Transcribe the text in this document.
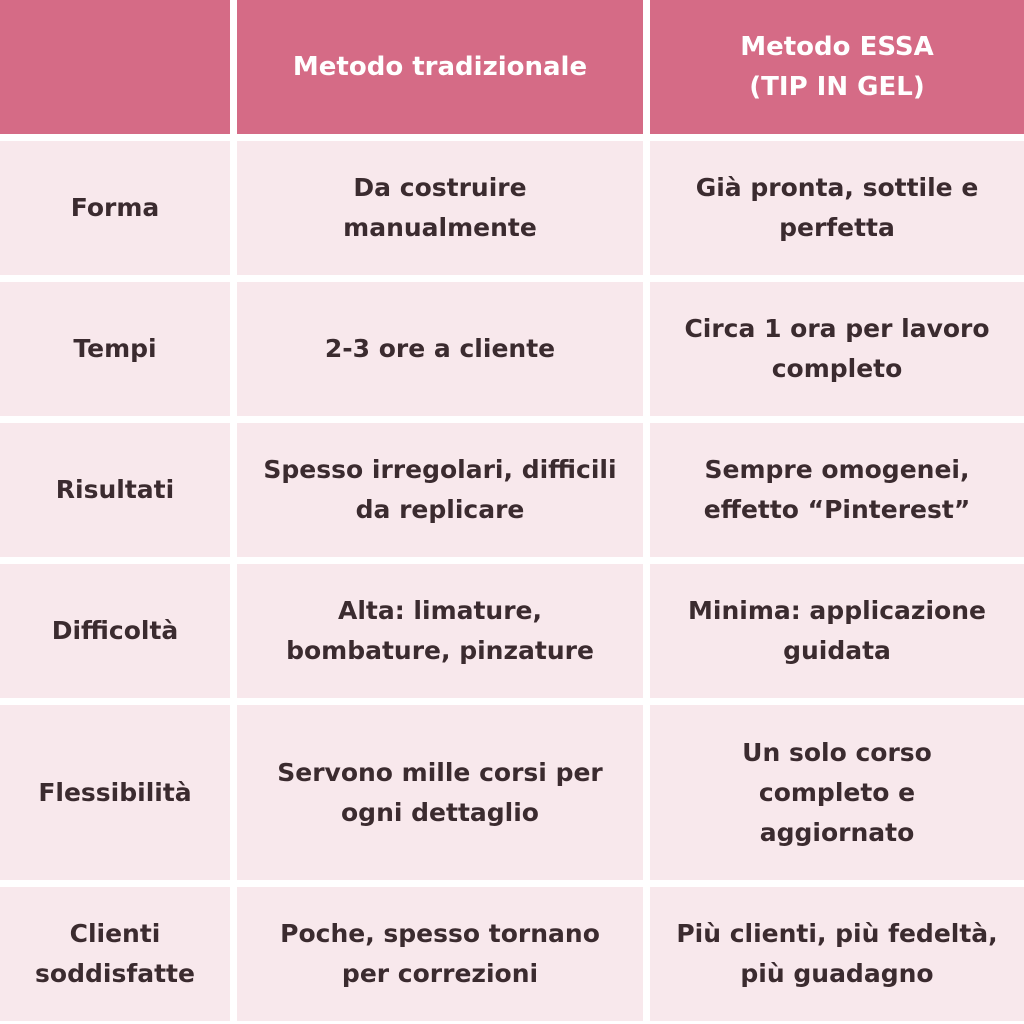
Metodo tradizionale
Metodo ESSA
(TIP IN GEL)
Forma
Da costruire
manualmente
Già pronta, sottile e
perfetta
Tempi	2-3 ore a cliente
Circa 1 ora per lavoro
completo
Risultati
Spesso irregolari, difficili
da replicare
Sempre omogenei,
effetto “Pinterest”
Difficoltà
Alta: limature,
bombature, pinzature
Minima: applicazione
guidata
Flessibilità
Servono mille corsi per
ogni dettaglio
Un solo corso
completo e
aggiornato
Clienti
soddisfatte
Poche, spesso tornano
per correzioni
Più clienti, più fedeltà,
più guadagno
